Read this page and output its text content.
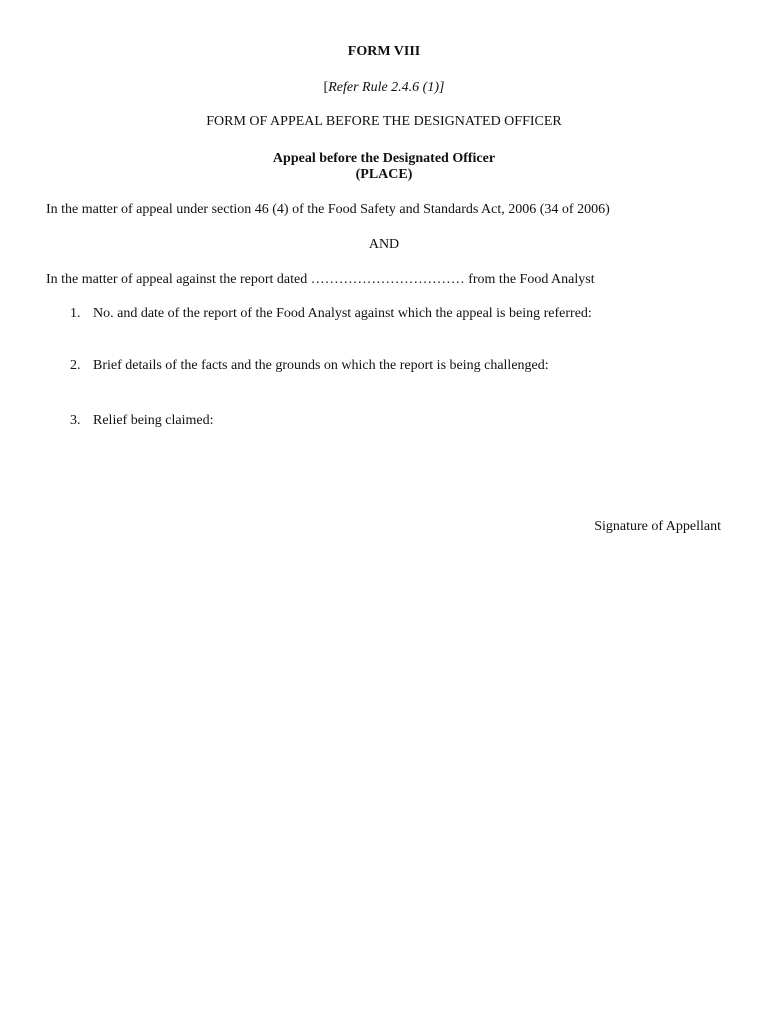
FORM VIII
[Refer Rule 2.4.6 (1)]
FORM OF APPEAL BEFORE THE DESIGNATED OFFICER
Appeal before the Designated Officer
(PLACE)
In the matter of appeal under section 46 (4) of the Food Safety and Standards Act, 2006 (34 of 2006)
AND
In the matter of appeal against the report dated …………………………… from the Food Analyst
1. No. and date of the report of the Food Analyst against which the appeal is being referred:
2. Brief details of the facts and the grounds on which the report is being challenged:
3. Relief being claimed:
Signature of Appellant
